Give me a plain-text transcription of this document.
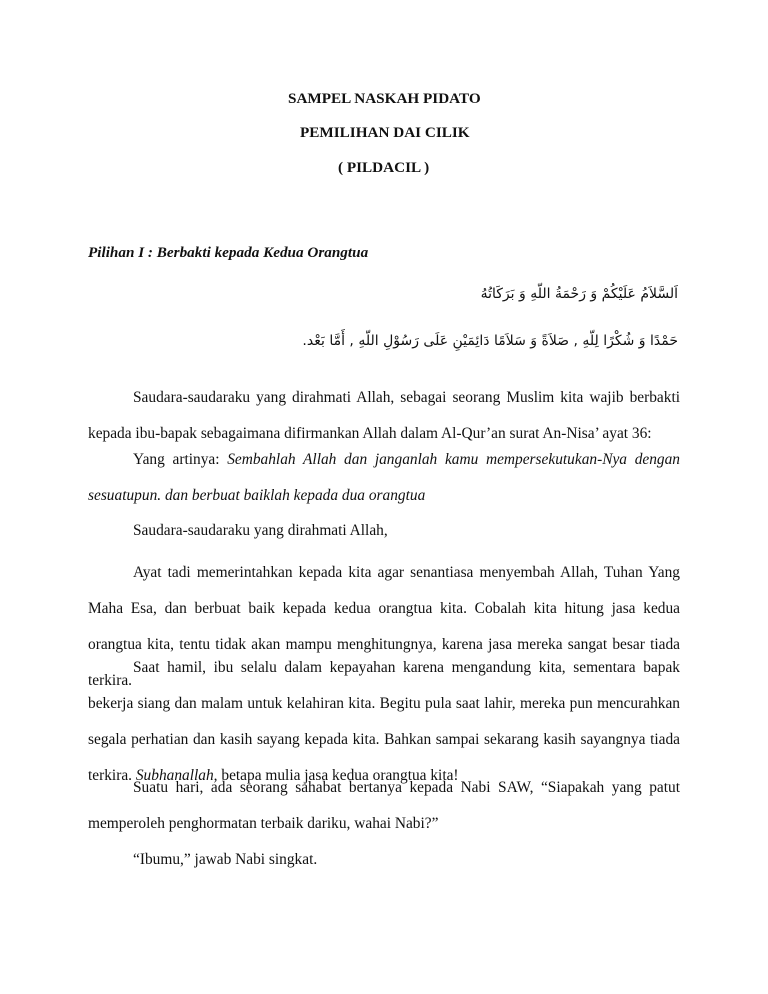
SAMPEL NASKAH PIDATO
PEMILIHAN DAI CILIK
( PILDACIL )
Pilihan I : Berbakti kepada Kedua Orangtua
اَلسَّلاَمُ عَلَيْكُمْ وَ رَحْمَةُ اللّهِ وَ بَرَكَاتُهُ
حَمْدًا وَ شُكْرًا لِلّهِ , صَلاَةً وَ سَلاَمًا دَائِمَيْنِ عَلَى رَسُوْلِ اللّهِ , أَمَّا بَعْد.

Saudara-saudaraku yang dirahmati Allah, sebagai seorang Muslim kita wajib berbakti kepada ibu-bapak sebagaimana difirmankan Allah dalam Al-Qur’an surat An-Nisa’ ayat 36:

Yang artinya: Sembahlah Allah dan janganlah kamu mempersekutukan-Nya dengan sesuatupun. dan berbuat baiklah kepada dua orangtua

Saudara-saudaraku yang dirahmati Allah,

Ayat tadi memerintahkan kepada kita agar senantiasa menyembah Allah, Tuhan Yang Maha Esa, dan berbuat baik kepada kedua orangtua kita. Cobalah kita hitung jasa kedua orangtua kita, tentu tidak akan mampu menghitungnya, karena jasa mereka sangat besar tiada terkira.

Saat hamil, ibu selalu dalam kepayahan karena mengandung kita, sementara bapak bekerja siang dan malam untuk kelahiran kita. Begitu pula saat lahir, mereka pun mencurahkan segala perhatian dan kasih sayang kepada kita. Bahkan sampai sekarang kasih sayangnya tiada terkira. Subhanallah, betapa mulia jasa kedua orangtua kita!

Suatu hari, ada seorang sahabat bertanya kepada Nabi SAW, “Siapakah yang patut memperoleh penghormatan terbaik dariku, wahai Nabi?”

“Ibumu,” jawab Nabi singkat.
